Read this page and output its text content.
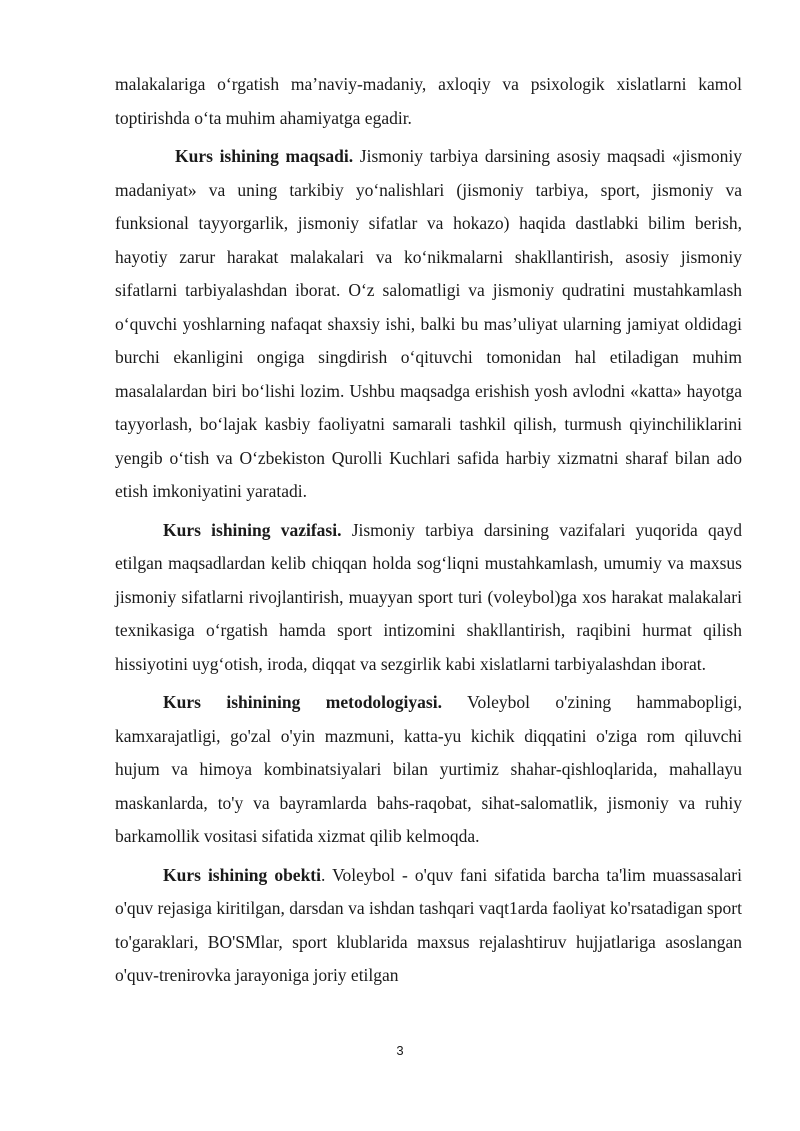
malakalariga o‘rgatish ma’naviy-madaniy, axloqiy va psixologik xislatlarni kamol toptirishda o‘ta muhim ahamiyatga egadir.

Kurs ishining maqsadi. Jismoniy tarbiya darsining asosiy maqsadi «jismoniy madaniyat» va uning tarkibiy yo‘nalishlari (jismoniy tarbiya, sport, jismoniy va funksional tayyorgarlik, jismoniy sifatlar va hokazo) haqida dastlabki bilim berish, hayotiy zarur harakat malakalari va ko‘nikmalarni shakllantirish, asosiy jismoniy sifatlarni tarbiyalashdan iborat. O‘z salomatligi va jismoniy qudratini mustahkamlash o‘quvchi yoshlarning nafaqat shaxsiy ishi, balki bu mas’uliyat ularning jamiyat oldidagi burchi ekanligini ongiga singdirish o‘qituvchi tomonidan hal etiladigan muhim masalalardan biri bo‘lishi lozim. Ushbu maqsadga erishish yosh avlodni «katta» hayotga tayyorlash, bo‘lajak kasbiy faoliyatni samarali tashkil qilish, turmush qiyinchiliklarini yengib o‘tish va O‘zbekiston Qurolli Kuchlari safida harbiy xizmatni sharaf bilan ado etish imkoniyatini yaratadi.

Kurs ishining vazifasi. Jismoniy tarbiya darsining vazifalari yuqorida qayd etilgan maqsadlardan kelib chiqqan holda sog‘liqni mustahkamlash, umumiy va maxsus jismoniy sifatlarni rivojlantirish, muayyan sport turi (voleybol)ga xos harakat malakalari texnikasiga o‘rgatish hamda sport intizomini shakllantirish, raqibini hurmat qilish hissiyotini uyg‘otish, iroda, diqqat va sezgirlik kabi xislatlarni tarbiyalashdan iborat.

Kurs ishinining metodologiyasi. Voleybol o'zining hammabopligi, kamxarajatligi, go'zal o'yin mazmuni, katta-yu kichik diqqatini o'ziga rom qiluvchi hujum va himoya kombinatsiyalari bilan yurtimiz shahar-qishloqlarida, mahallayu maskanlarda, to'y va bayramlarda bahs-raqobat, sihat-salomatlik, jismoniy va ruhiy barkamollik vositasi sifatida xizmat qilib kelmoqda.

Kurs ishining obekti. Voleybol - o'quv fani sifatida barcha ta'lim muassasalari o'quv rejasiga kiritilgan, darsdan va ishdan tashqari vaqt1arda faoliyat ko'rsatadigan sport to'garaklari, BO'SMlar, sport klublarida maxsus rejalashtiruv hujjatlariga asoslangan o'quv-trenirovka jarayoniga joriy etilgan

3
